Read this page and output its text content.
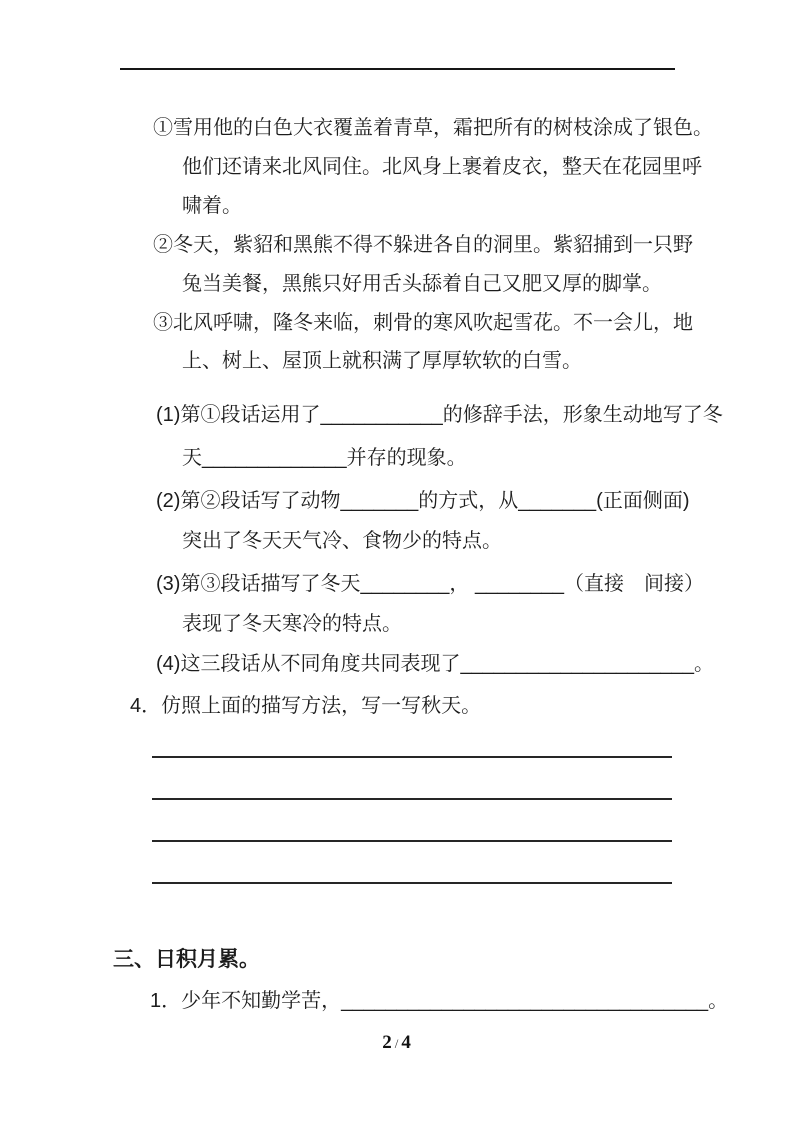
①雪用他的白色大衣覆盖着青草，霜把所有的树枝涂成了银色。
他们还请来北风同住。北风身上裹着皮衣，整天在花园里呼
啸着。
②冬天，紫貂和黑熊不得不躲进各自的洞里。紫貂捕到一只野
兔当美餐，黑熊只好用舌头舔着自己又肥又厚的脚掌。
③北风呼啸，隆冬来临，刺骨的寒风吹起雪花。不一会儿，地
上、树上、屋顶上就积满了厚厚软软的白雪。
(1)第①段话运用了___________的修辞手法，形象生动地写了冬
天_____________并存的现象。
(2)第②段话写了动物_______的方式，从_______(正面侧面)
突出了冬天天气冷、食物少的特点。
(3)第③段话描写了冬天________， ________（直接　间接）
表现了冬天寒冷的特点。
(4)这三段话从不同角度共同表现了_____________________。
4．仿照上面的描写方法，写一写秋天。
三、日积月累。
1．少年不知勤学苦，_________________________________。
2 / 4
